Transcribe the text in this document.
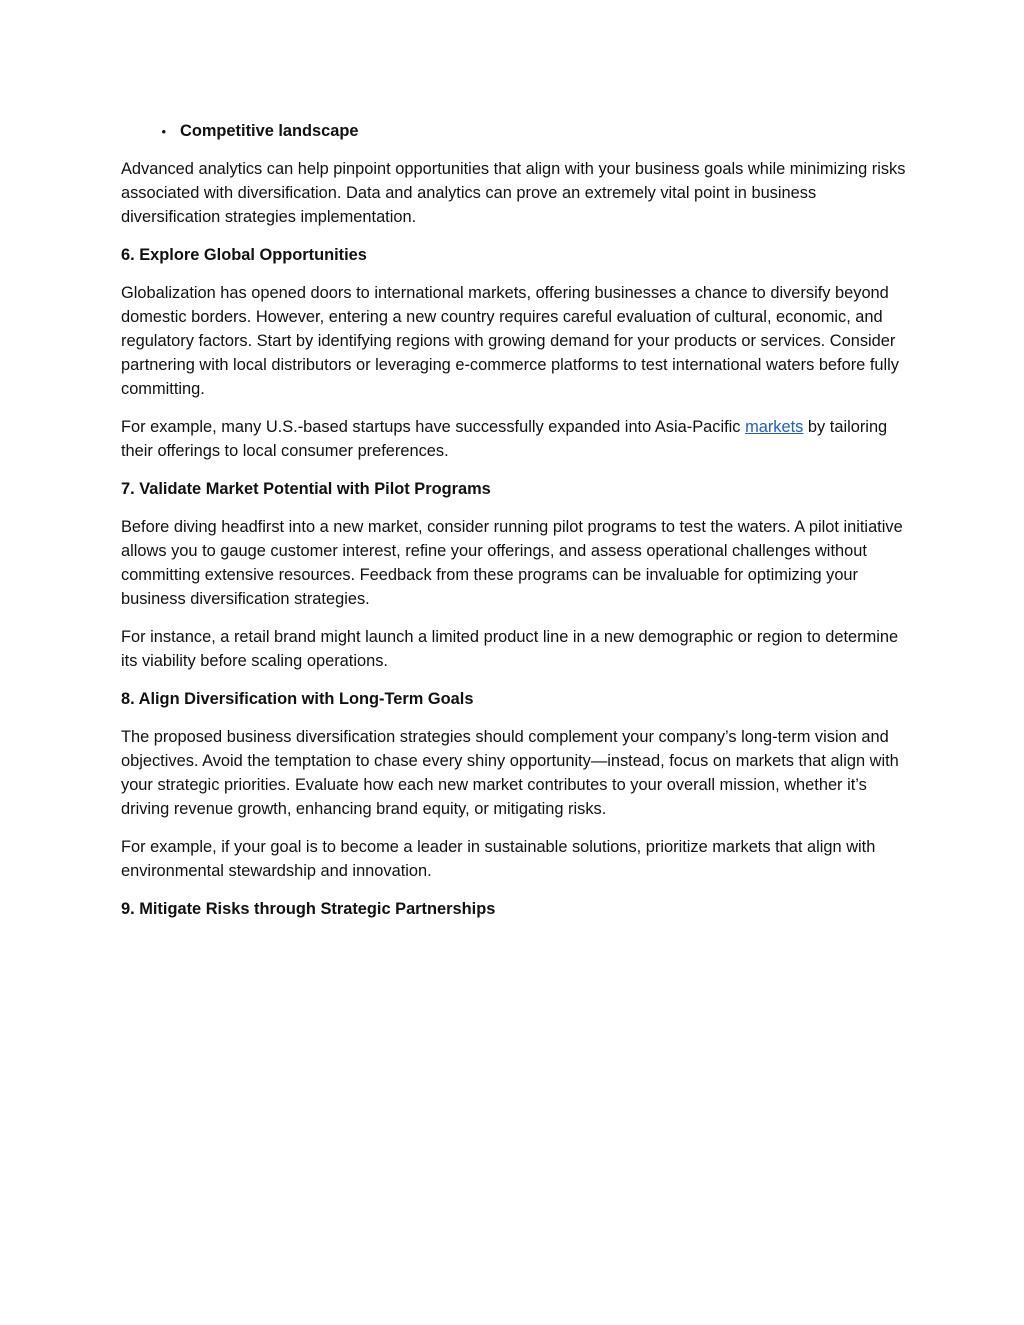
• Competitive landscape

Advanced analytics can help pinpoint opportunities that align with your business goals while minimizing risks associated with diversification. Data and analytics can prove an extremely vital point in business diversification strategies implementation.

6. Explore Global Opportunities

Globalization has opened doors to international markets, offering businesses a chance to diversify beyond domestic borders. However, entering a new country requires careful evaluation of cultural, economic, and regulatory factors. Start by identifying regions with growing demand for your products or services. Consider partnering with local distributors or leveraging e-commerce platforms to test international waters before fully committing.

For example, many U.S.-based startups have successfully expanded into Asia-Pacific markets by tailoring their offerings to local consumer preferences.

7. Validate Market Potential with Pilot Programs

Before diving headfirst into a new market, consider running pilot programs to test the waters. A pilot initiative allows you to gauge customer interest, refine your offerings, and assess operational challenges without committing extensive resources. Feedback from these programs can be invaluable for optimizing your business diversification strategies.

For instance, a retail brand might launch a limited product line in a new demographic or region to determine its viability before scaling operations.

8. Align Diversification with Long-Term Goals

The proposed business diversification strategies should complement your company’s long-term vision and objectives. Avoid the temptation to chase every shiny opportunity—instead, focus on markets that align with your strategic priorities. Evaluate how each new market contributes to your overall mission, whether it’s driving revenue growth, enhancing brand equity, or mitigating risks.

For example, if your goal is to become a leader in sustainable solutions, prioritize markets that align with environmental stewardship and innovation.

9. Mitigate Risks through Strategic Partnerships
